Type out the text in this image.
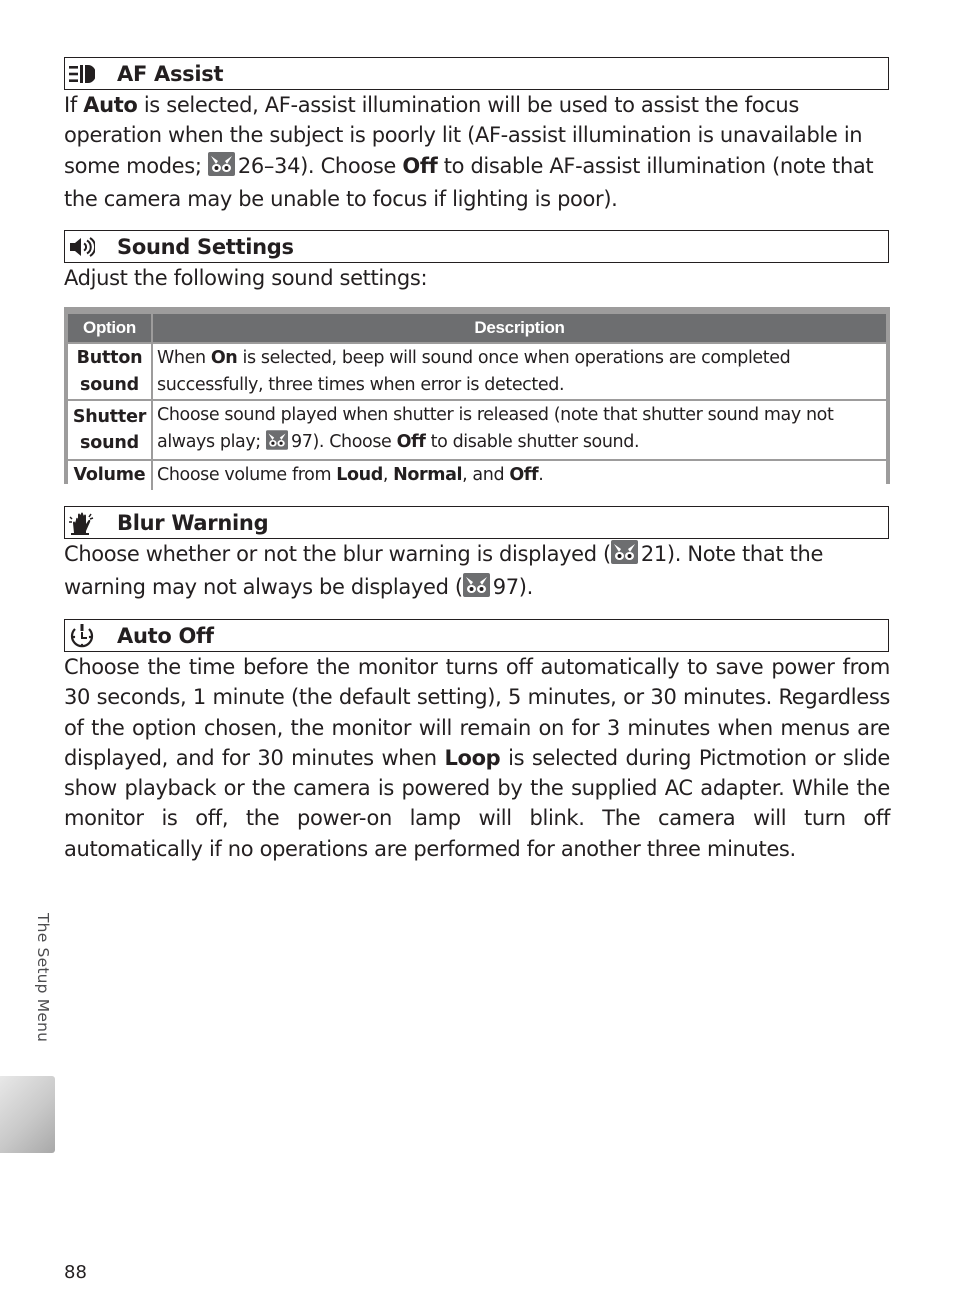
AF Assist

If Auto is selected, AF-assist illumination will be used to assist the focus operation when the subject is poorly lit (AF-assist illumination is unavailable in some modes; 26–34). Choose Off to disable AF-assist illumination (note that the camera may be unable to focus if lighting is poor).

Sound Settings

Adjust the following sound settings:

Option	Description
Button sound	When On is selected, beep will sound once when operations are completed successfully, three times when error is detected.
Shutter sound	Choose sound played when shutter is released (note that shutter sound may not always play; 97). Choose Off to disable shutter sound.
Volume	Choose volume from Loud, Normal, and Off.
Blur Warning

Choose whether or not the blur warning is displayed ( 21). Note that the warning may not always be displayed ( 97).

Auto Off

Choose the time before the monitor turns off automatically to save power from 30 seconds, 1 minute (the default setting), 5 minutes, or 30 minutes. Regardless of the option chosen, the monitor will remain on for 3 minutes when menus are displayed, and for 30 minutes when Loop is selected during Pictmotion or slide show playback or the camera is powered by the supplied AC adapter. While the monitor is off, the power-on lamp will blink. The camera will turn off automatically if no operations are performed for another three minutes.

The Setup Menu
88
